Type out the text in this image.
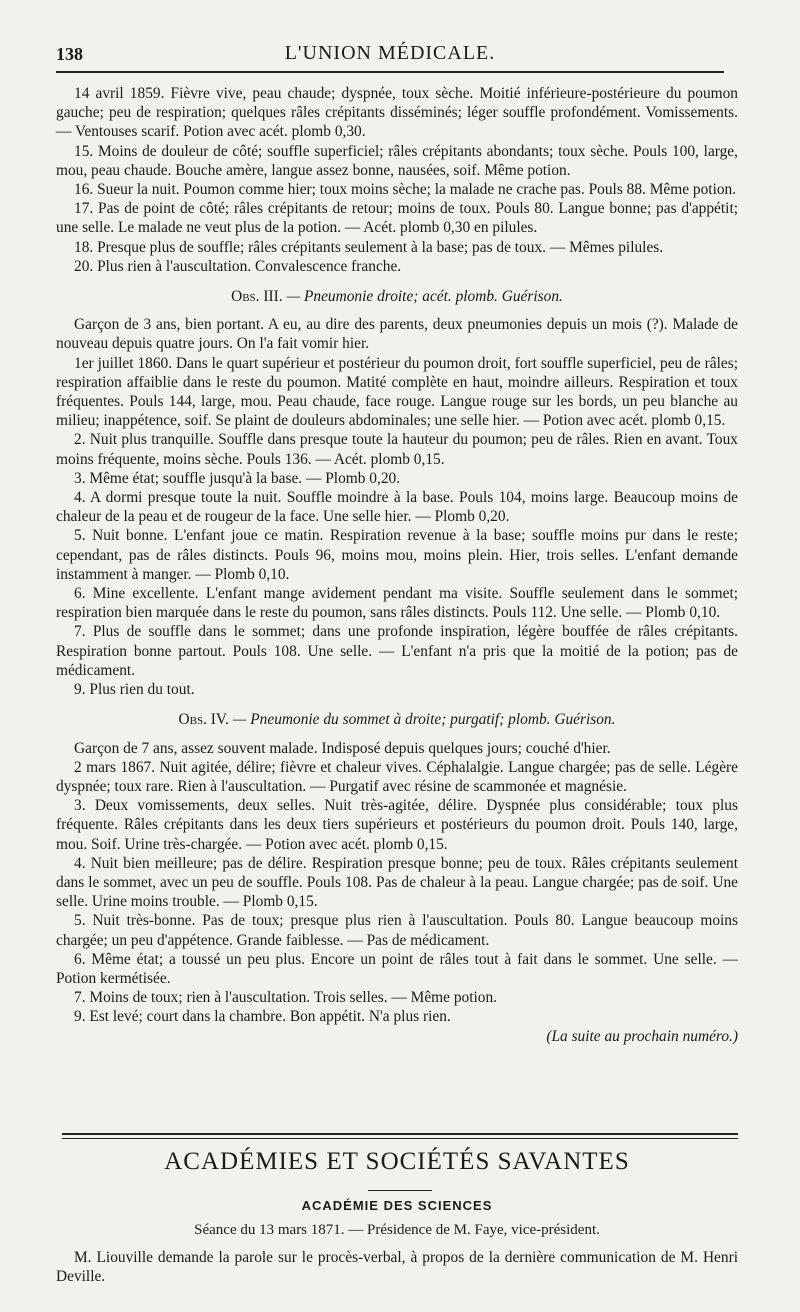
138	L'UNION MÉDICALE.

14 avril 1859. Fièvre vive, peau chaude; dyspnée, toux sèche. Moitié inférieure-postérieure du poumon gauche; peu de respiration; quelques râles crépitants disséminés; léger souffle profondément. Vomissements. — Ventouses scarif. Potion avec acét. plomb 0,30.

15. Moins de douleur de côté; souffle superficiel; râles crépitants abondants; toux sèche. Pouls 100, large, mou, peau chaude. Bouche amère, langue assez bonne, nausées, soif. Même potion.

16. Sueur la nuit. Poumon comme hier; toux moins sèche; la malade ne crache pas. Pouls 88. Même potion.

17. Pas de point de côté; râles crépitants de retour; moins de toux. Pouls 80. Langue bonne; pas d'appétit; une selle. Le malade ne veut plus de la potion. — Acét. plomb 0,30 en pilules.

18. Presque plus de souffle; râles crépitants seulement à la base; pas de toux. — Mêmes pilules.

20. Plus rien à l'auscultation. Convalescence franche.

Obs. III. — Pneumonie droite; acét. plomb. Guérison.

Garçon de 3 ans, bien portant. A eu, au dire des parents, deux pneumonies depuis un mois (?). Malade de nouveau depuis quatre jours. On l'a fait vomir hier.

1er juillet 1860. Dans le quart supérieur et postérieur du poumon droit, fort souffle superficiel, peu de râles; respiration affaiblie dans le reste du poumon. Matité complète en haut, moindre ailleurs. Respiration et toux fréquentes. Pouls 144, large, mou. Peau chaude, face rouge. Langue rouge sur les bords, un peu blanche au milieu; inappétence, soif. Se plaint de douleurs abdominales; une selle hier. — Potion avec acét. plomb 0,15.

2. Nuit plus tranquille. Souffle dans presque toute la hauteur du poumon; peu de râles. Rien en avant. Toux moins fréquente, moins sèche. Pouls 136. — Acét. plomb 0,15.

3. Même état; souffle jusqu'à la base. — Plomb 0,20.

4. A dormi presque toute la nuit. Souffle moindre à la base. Pouls 104, moins large. Beaucoup moins de chaleur de la peau et de rougeur de la face. Une selle hier. — Plomb 0,20.

5. Nuit bonne. L'enfant joue ce matin. Respiration revenue à la base; souffle moins pur dans le reste; cependant, pas de râles distincts. Pouls 96, moins mou, moins plein. Hier, trois selles. L'enfant demande instamment à manger. — Plomb 0,10.

6. Mine excellente. L'enfant mange avidement pendant ma visite. Souffle seulement dans le sommet; respiration bien marquée dans le reste du poumon, sans râles distincts. Pouls 112. Une selle. — Plomb 0,10.

7. Plus de souffle dans le sommet; dans une profonde inspiration, légère bouffée de râles crépitants. Respiration bonne partout. Pouls 108. Une selle. — L'enfant n'a pris que la moitié de la potion; pas de médicament.

9. Plus rien du tout.

Obs. IV. — Pneumonie du sommet à droite; purgatif; plomb. Guérison.

Garçon de 7 ans, assez souvent malade. Indisposé depuis quelques jours; couché d'hier.

2 mars 1867. Nuit agitée, délire; fièvre et chaleur vives. Céphalalgie. Langue chargée; pas de selle. Légère dyspnée; toux rare. Rien à l'auscultation. — Purgatif avec résine de scammonée et magnésie.

3. Deux vomissements, deux selles. Nuit très-agitée, délire. Dyspnée plus considérable; toux plus fréquente. Râles crépitants dans les deux tiers supérieurs et postérieurs du poumon droit. Pouls 140, large, mou. Soif. Urine très-chargée. — Potion avec acét. plomb 0,15.

4. Nuit bien meilleure; pas de délire. Respiration presque bonne; peu de toux. Râles crépitants seulement dans le sommet, avec un peu de souffle. Pouls 108. Pas de chaleur à la peau. Langue chargée; pas de soif. Une selle. Urine moins trouble. — Plomb 0,15.

5. Nuit très-bonne. Pas de toux; presque plus rien à l'auscultation. Pouls 80. Langue beaucoup moins chargée; un peu d'appétence. Grande faiblesse. — Pas de médicament.

6. Même état; a toussé un peu plus. Encore un point de râles tout à fait dans le sommet. Une selle. — Potion kermétisée.

7. Moins de toux; rien à l'auscultation. Trois selles. — Même potion.

9. Est levé; court dans la chambre. Bon appétit. N'a plus rien.

(La suite au prochain numéro.)

ACADÉMIES ET SOCIÉTÉS SAVANTES
ACADÉMIE DES SCIENCES
Séance du 13 mars 1871. — Présidence de M. Faye, vice-président.
M. Liouville demande la parole sur le procès-verbal, à propos de la dernière communication de M. Henri Deville.
